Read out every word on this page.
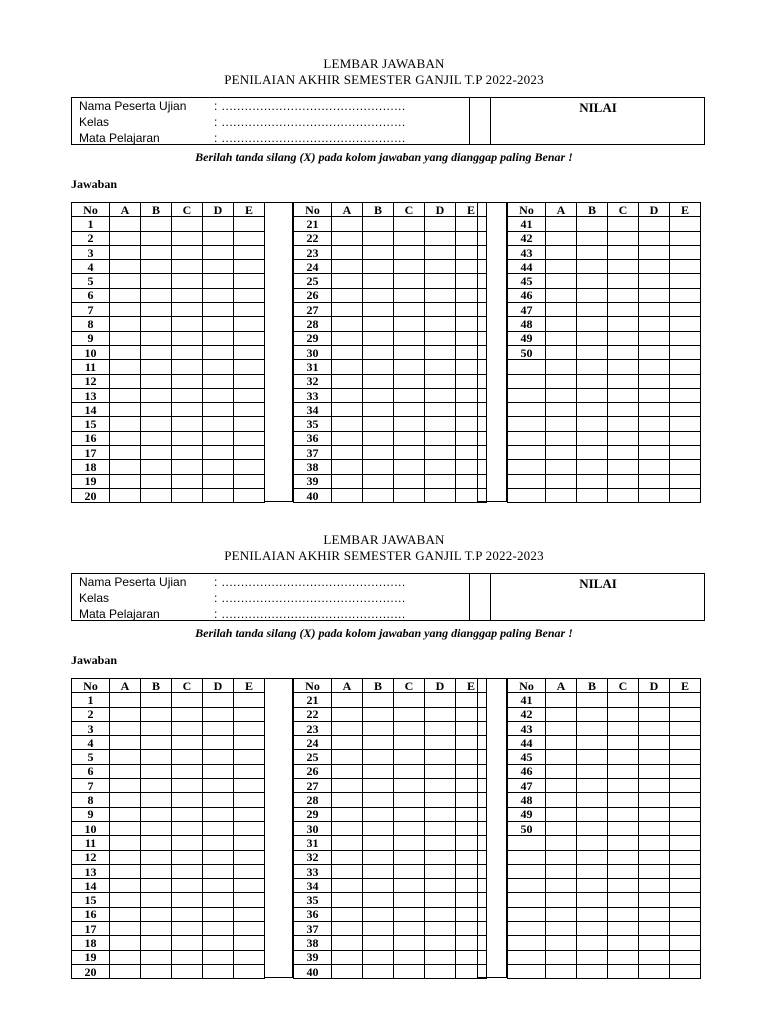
LEMBAR JAWABAN
PENILAIAN AKHIR SEMESTER GANJIL T.P 2022-2023
Nama Peserta Ujian : ................................................
Kelas	: ................................................
Mata Pelajaran	: ................................................
NILAI
Berilah tanda silang (X) pada kolom jawaban yang dianggap paling Benar !
Jawaban
No	A	B	C	D	E
1					
2					
3					
4					
5					
6					
7					
8					
9					
10					
11					
12					
13					
14					
15					
16					
17					
18					
19					
20					
No	A	B	C	D	E
21					
22					
23					
24					
25					
26					
27					
28					
29					
30					
31					
32					
33					
34					
35					
36					
37					
38					
39					
40					
No	A	B	C	D	E
41					
42					
43					
44					
45					
46					
47					
48					
49					
50					

LEMBAR JAWABAN
PENILAIAN AKHIR SEMESTER GANJIL T.P 2022-2023
Nama Peserta Ujian : ................................................
Kelas	: ................................................
Mata Pelajaran	: ................................................
NILAI
Berilah tanda silang (X) pada kolom jawaban yang dianggap paling Benar !
Jawaban
No	A	B	C	D	E
1					
2					
3					
4					
5					
6					
7					
8					
9					
10					
11					
12					
13					
14					
15					
16					
17					
18					
19					
20					
No	A	B	C	D	E
21					
22					
23					
24					
25					
26					
27					
28					
29					
30					
31					
32					
33					
34					
35					
36					
37					
38					
39					
40					
No	A	B	C	D	E
41					
42					
43					
44					
45					
46					
47					
48					
49					
50					
